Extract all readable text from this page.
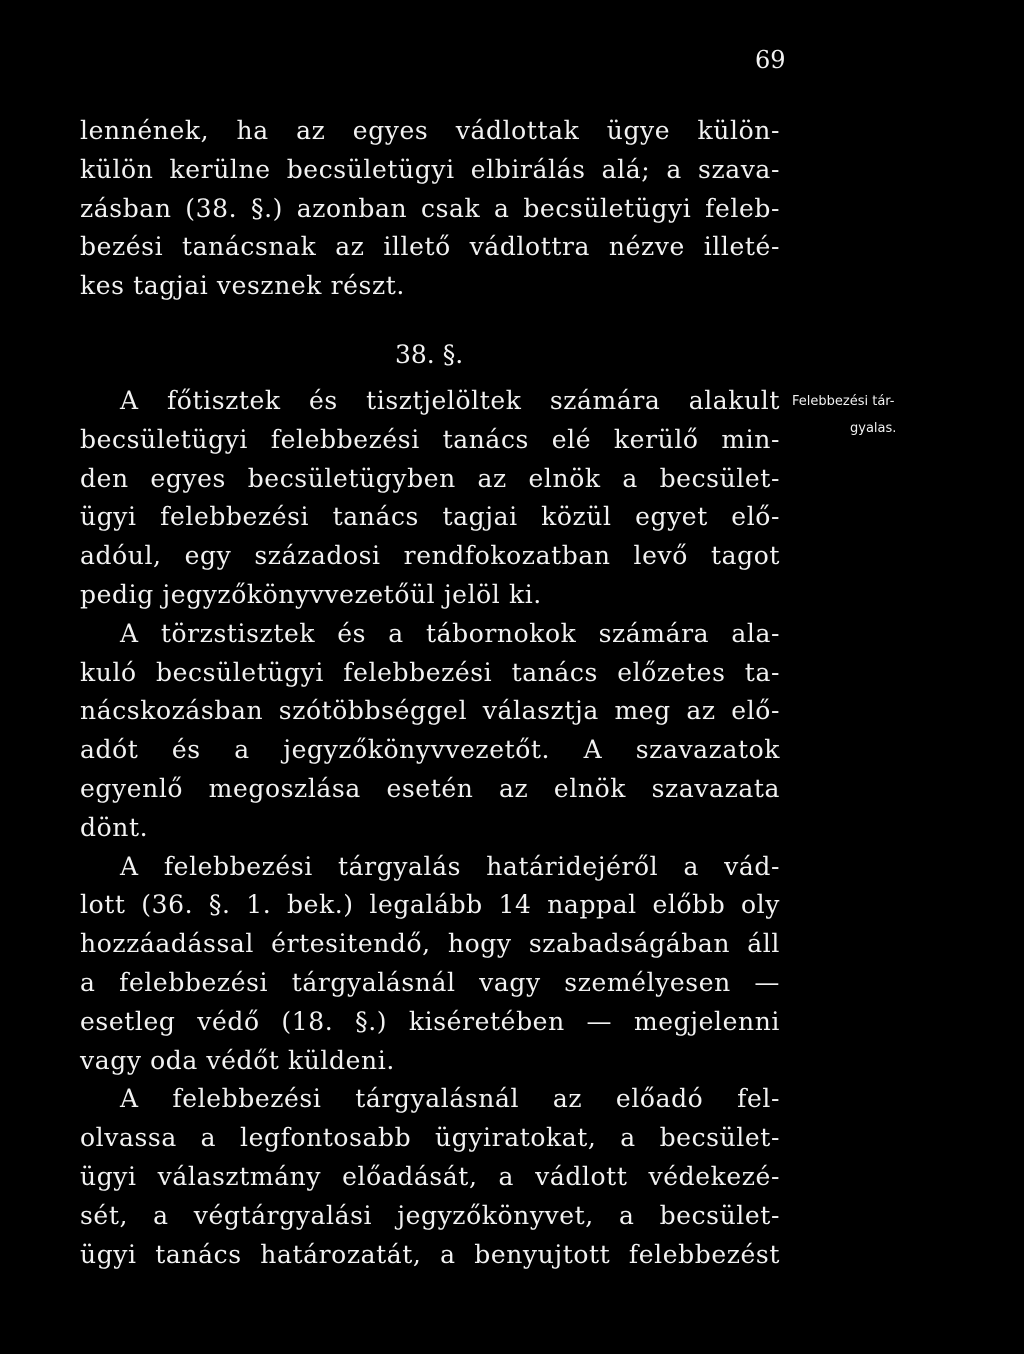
69
lennének, ha az egyes vádlottak ügye külön-
külön kerülne becsületügyi elbirálás alá; a szava-
zásban (38. §.) azonban csak a becsületügyi feleb-
bezési tanácsnak az illető vádlottra nézve illeté-
kes tagjai vesznek részt.
38. §.
Felebbezési tár-
gyalas.
A főtisztek és tisztjelöltek számára alakult
becsületügyi felebbezési tanács elé kerülő min-
den egyes becsületügyben az elnök a becsület-
ügyi felebbezési tanács tagjai közül egyet elő-
adóul, egy századosi rendfokozatban levő tagot
pedig jegyzőkönyvvezetőül jelöl ki.
A törzstisztek és a tábornokok számára ala-
kuló becsületügyi felebbezési tanács előzetes ta-
nácskozásban szótöbbséggel választja meg az elő-
adót és a jegyzőkönyvvezetőt. A szavazatok
egyenlő megoszlása esetén az elnök szavazata
dönt.
A felebbezési tárgyalás határidejéről a vád-
lott (36. §. 1. bek.) legalább 14 nappal előbb oly
hozzáadással értesitendő, hogy szabadságában áll
a felebbezési tárgyalásnál vagy személyesen —
esetleg védő (18. §.) kiséretében — megjelenni
vagy oda védőt küldeni.
A felebbezési tárgyalásnál az előadó fel-
olvassa a legfontosabb ügyiratokat, a becsület-
ügyi választmány előadását, a vádlott védekezé-
sét, a végtárgyalási jegyzőkönyvet, a becsület-
ügyi tanács határozatát, a benyujtott felebbezést
